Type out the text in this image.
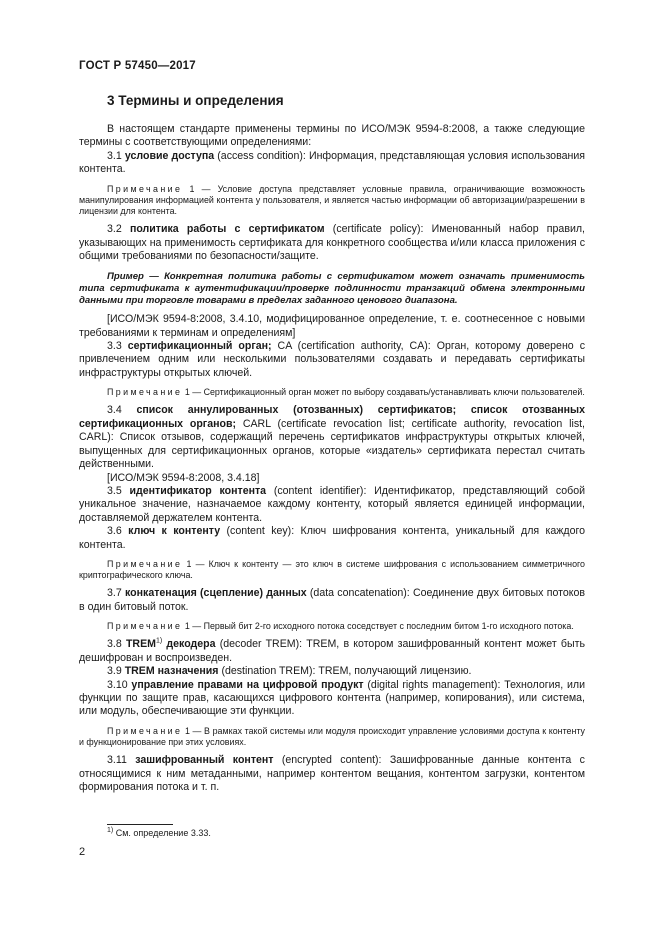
ГОСТ Р 57450—2017
3 Термины и определения

В настоящем стандарте применены термины по ИСО/МЭК 9594-8:2008, а также следующие термины с соответствующими определениями:

3.1 условие доступа (access condition): Информация, представляющая условия использования контента.

Примечание 1 — Условие доступа представляет условные правила, ограничивающие возможность манипулирования информацией контента у пользователя, и является частью информации об авторизации/разрешении в лицензии для контента.

3.2 политика работы с сертификатом (certificate policy): Именованный набор правил, указывающих на применимость сертификата для конкретного сообщества и/или класса приложения с общими требованиями по безопасности/защите.

Пример — Конкретная политика работы с сертификатом может означать применимость типа сертификата к аутентификации/проверке подлинности транзакций обмена электронными данными при торговле товарами в пределах заданного ценового диапазона.

[ИСО/МЭК 9594-8:2008, 3.4.10, модифицированное определение, т. е. соотнесенное с новыми требованиями к терминам и определениям]

3.3 сертификационный орган; CA (certification authority, CA): Орган, которому доверено с привлечением одним или несколькими пользователями создавать и передавать сертификаты инфраструктуры открытых ключей.

Примечание 1 — Сертификационный орган может по выбору создавать/устанавливать ключи пользователей.

3.4 список аннулированных (отозванных) сертификатов; список отозванных сертификационных органов; CARL (certificate revocation list; certificate authority, revocation list, CARL): Список отзывов, содержащий перечень сертификатов инфраструктуры открытых ключей, выпущенных для сертификационных органов, которые «издатель» сертификата перестал считать действенными.

[ИСО/МЭК 9594-8:2008, 3.4.18]

3.5 идентификатор контента (content identifier): Идентификатор, представляющий собой уникальное значение, назначаемое каждому контенту, который является единицей информации, доставляемой держателем контента.

3.6 ключ к контенту (content key): Ключ шифрования контента, уникальный для каждого контента.

Примечание 1 — Ключ к контенту — это ключ в системе шифрования с использованием симметричного криптографического ключа.

3.7 конкатенация (сцепление) данных (data concatenation): Соединение двух битовых потоков в один битовый поток.

Примечание 1 — Первый бит 2-го исходного потока соседствует с последним битом 1-го исходного потока.

3.8 TREM$^{1)}$ декодера (decoder TREM): TREM, в котором зашифрованный контент может быть дешифрован и воспроизведен.

3.9 TREM назначения (destination TREM): TREM, получающий лицензию.

3.10 управление правами на цифровой продукт (digital rights management): Технология, или функции по защите прав, касающихся цифрового контента (например, копирования), или система, или модуль, обеспечивающие эти функции.

Примечание 1 — В рамках такой системы или модуля происходит управление условиями доступа к контенту и функционирование при этих условиях.

3.11 зашифрованный контент (encrypted content): Зашифрованные данные контента с относящимися к ним метаданными, например контентом вещания, контентом загрузки, контентом формирования потока и т. п.

$^{1)}$ См. определение 3.33.
2
